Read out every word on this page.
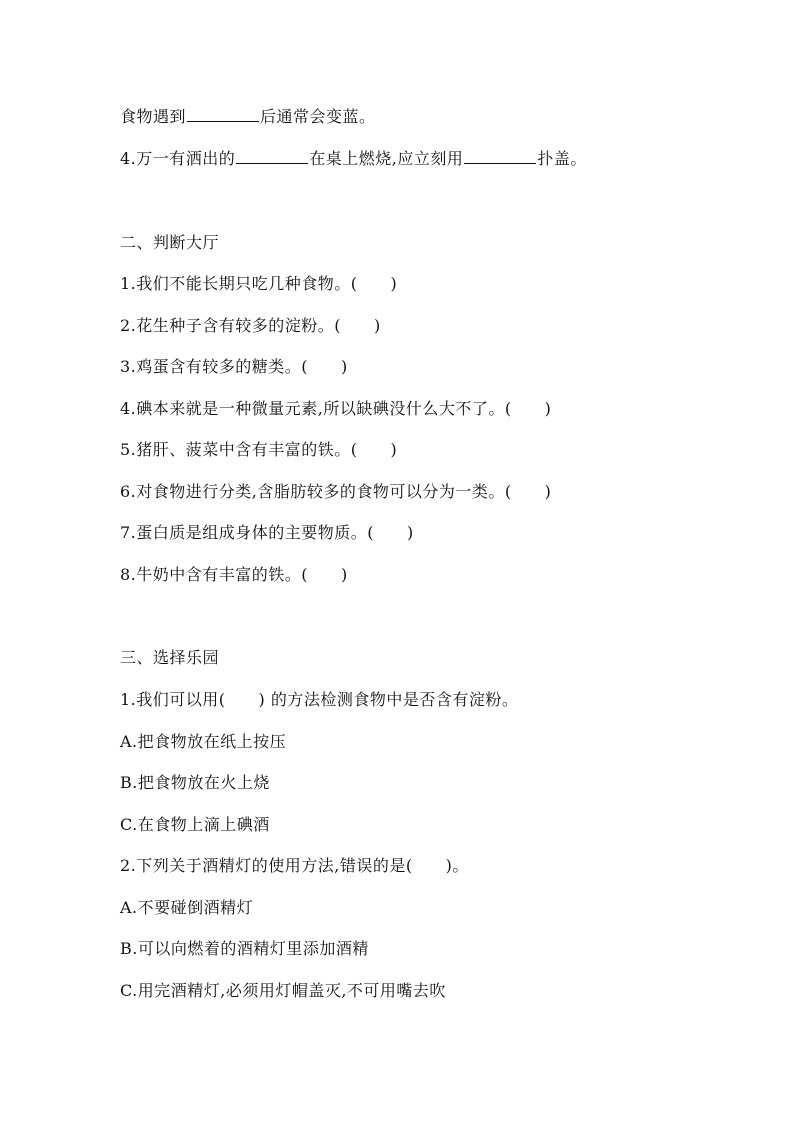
食物遇到	后通常会变蓝。
4.万一有洒出的	在桌上燃烧,应立刻用	扑盖。
二、判断大厅
1.我们不能长期只吃几种食物。(　　)
2.花生种子含有较多的淀粉。(　　)
3.鸡蛋含有较多的糖类。(　　)
4.碘本来就是一种微量元素,所以缺碘没什么大不了。(　　)
5.猪肝、菠菜中含有丰富的铁。(　　)
6.对食物进行分类,含脂肪较多的食物可以分为一类。(　　)
7.蛋白质是组成身体的主要物质。(　　)
8.牛奶中含有丰富的铁。(　　)
三、选择乐园
1.我们可以用(　　) 的方法检测食物中是否含有淀粉。
A.把食物放在纸上按压
B.把食物放在火上烧
C.在食物上滴上碘酒
2.下列关于酒精灯的使用方法,错误的是(　　)。
A.不要碰倒酒精灯
B.可以向燃着的酒精灯里添加酒精
C.用完酒精灯,必须用灯帽盖灭,不可用嘴去吹
